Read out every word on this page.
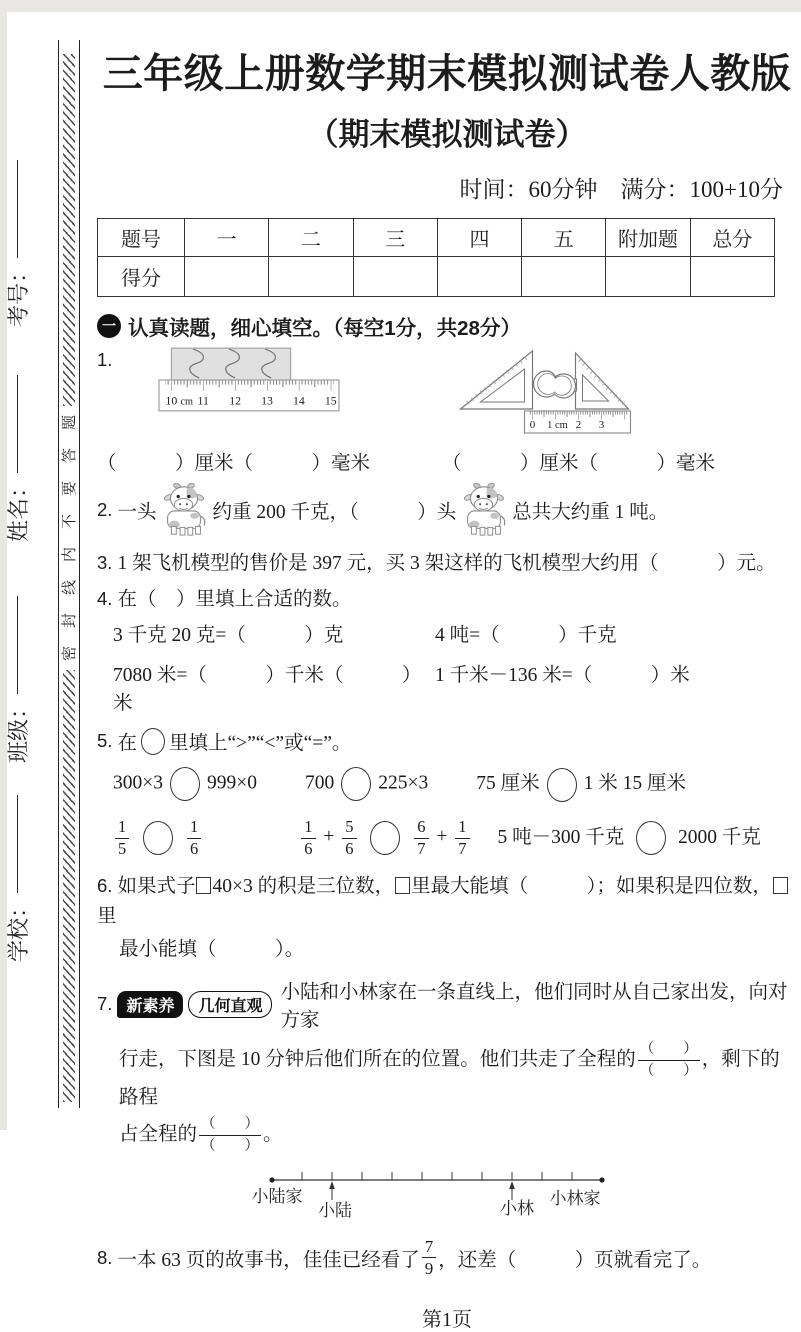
考号：
姓名：
班级：
学校：
题
答
要
不
内
线
封
密
三年级上册数学期末模拟测试卷人教版
（期末模拟测试卷）
时间：60分钟　满分：100+10分
题号	一	二	三	四	五	附加题	总分
得分							
一 认真读题，细心填空。（每空1分，共28分）
1.
10 cm 11 12 13 14 15
0 1 cm 2 3
（　　　）厘米（　　　）毫米	（　　　）厘米（　　　）毫米
2. 一头	约重 200 千克，（　　　）头	总共大约重 1 吨。
3. 1 架飞机模型的售价是 397 元，买 3 架这样的飞机模型大约用（　　　）元。
4. 在（　）里填上合适的数。
3 千克 20 克=（　　　）克	4 吨=（　　　）千克
7080 米=（　　　）千米（　　　）米
1 千米－136 米=（　　　）米
5. 在 里填上“>”“<”或“=”。
300×3 999×0 700 225×3 75 厘米 1 米 15 厘米
$\frac{1}{5}$
	$\frac{1}{6}$	$\frac{1}{6} + \frac{5}{6}$
	$\frac{6}{7} + \frac{1}{7} 5$ 吨－300 千克	2000 千克
6. 如果式子 40×3 的积是三位数， 里最大能填（　　　）；如果积是四位数，里
最小能填（　　　）。
7. 新素养	几何直观
小陆和小林家在一条直线上，他们同时从自己家出发，向对方家
行走，下图是 10 分钟后他们所在的位置。他们共走了全程的 （　　）
（　　）
，剩下的路程
占全程的 （　　）
（　　）
。
小陆家
小陆	小林
小林家
8. 一本 63 页的故事书，佳佳已经看了 $\frac{7}{9}$ ，还差（　　　）页就看完了。
第1页
